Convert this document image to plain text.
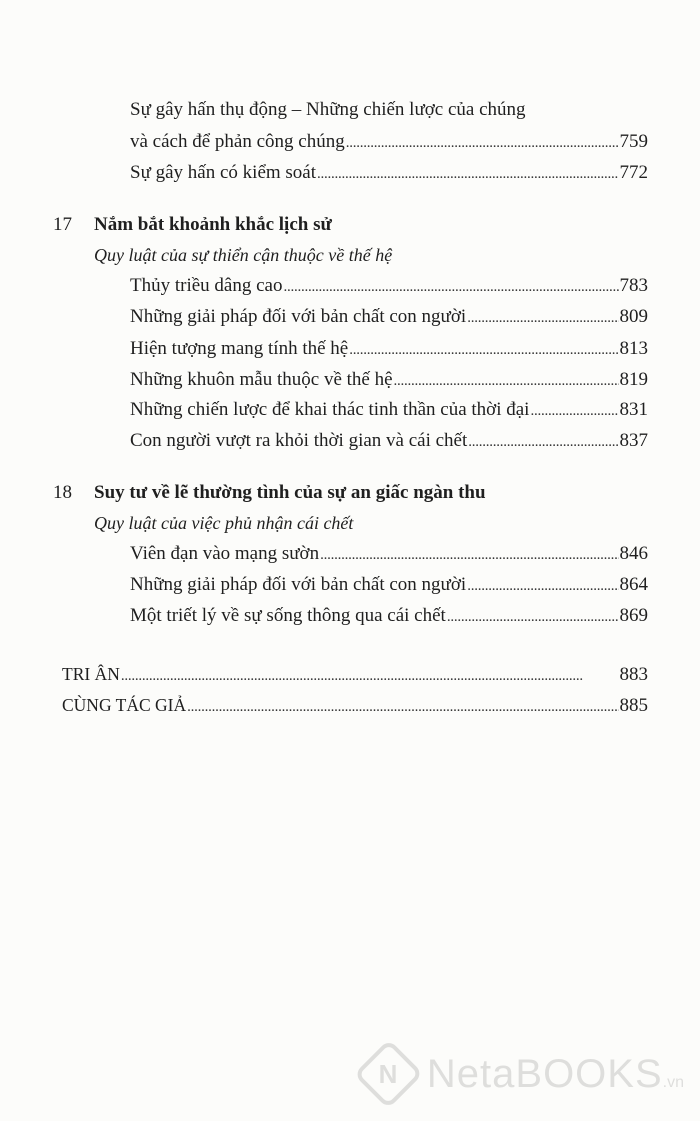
Sự gây hấn thụ động – Những chiến lược của chúng
và cách để phản công chúng . . .	759
Sự gây hấn có kiểm soát . . .	772
17 Nắm bắt khoảnh khắc lịch sử
Quy luật của sự thiển cận thuộc về thế hệ
Thủy triều dâng cao . . .	783
Những giải pháp đối với bản chất con người . . .	809
Hiện tượng mang tính thế hệ . . .	813
Những khuôn mẫu thuộc về thế hệ . . .	819
Những chiến lược để khai thác tinh thần của thời đại . . .	831
Con người vượt ra khỏi thời gian và cái chết . . .	837
18 Suy tư về lẽ thường tình của sự an giấc ngàn thu
Quy luật của việc phủ nhận cái chết
Viên đạn vào mạng sườn . . .	846
Những giải pháp đối với bản chất con người . . .	864
Một triết lý về sự sống thông qua cái chết . . .	869
TRI ÂN . . .	883
CÙNG TÁC GIẢ . . .	885
N NetaBOOKS.vn
